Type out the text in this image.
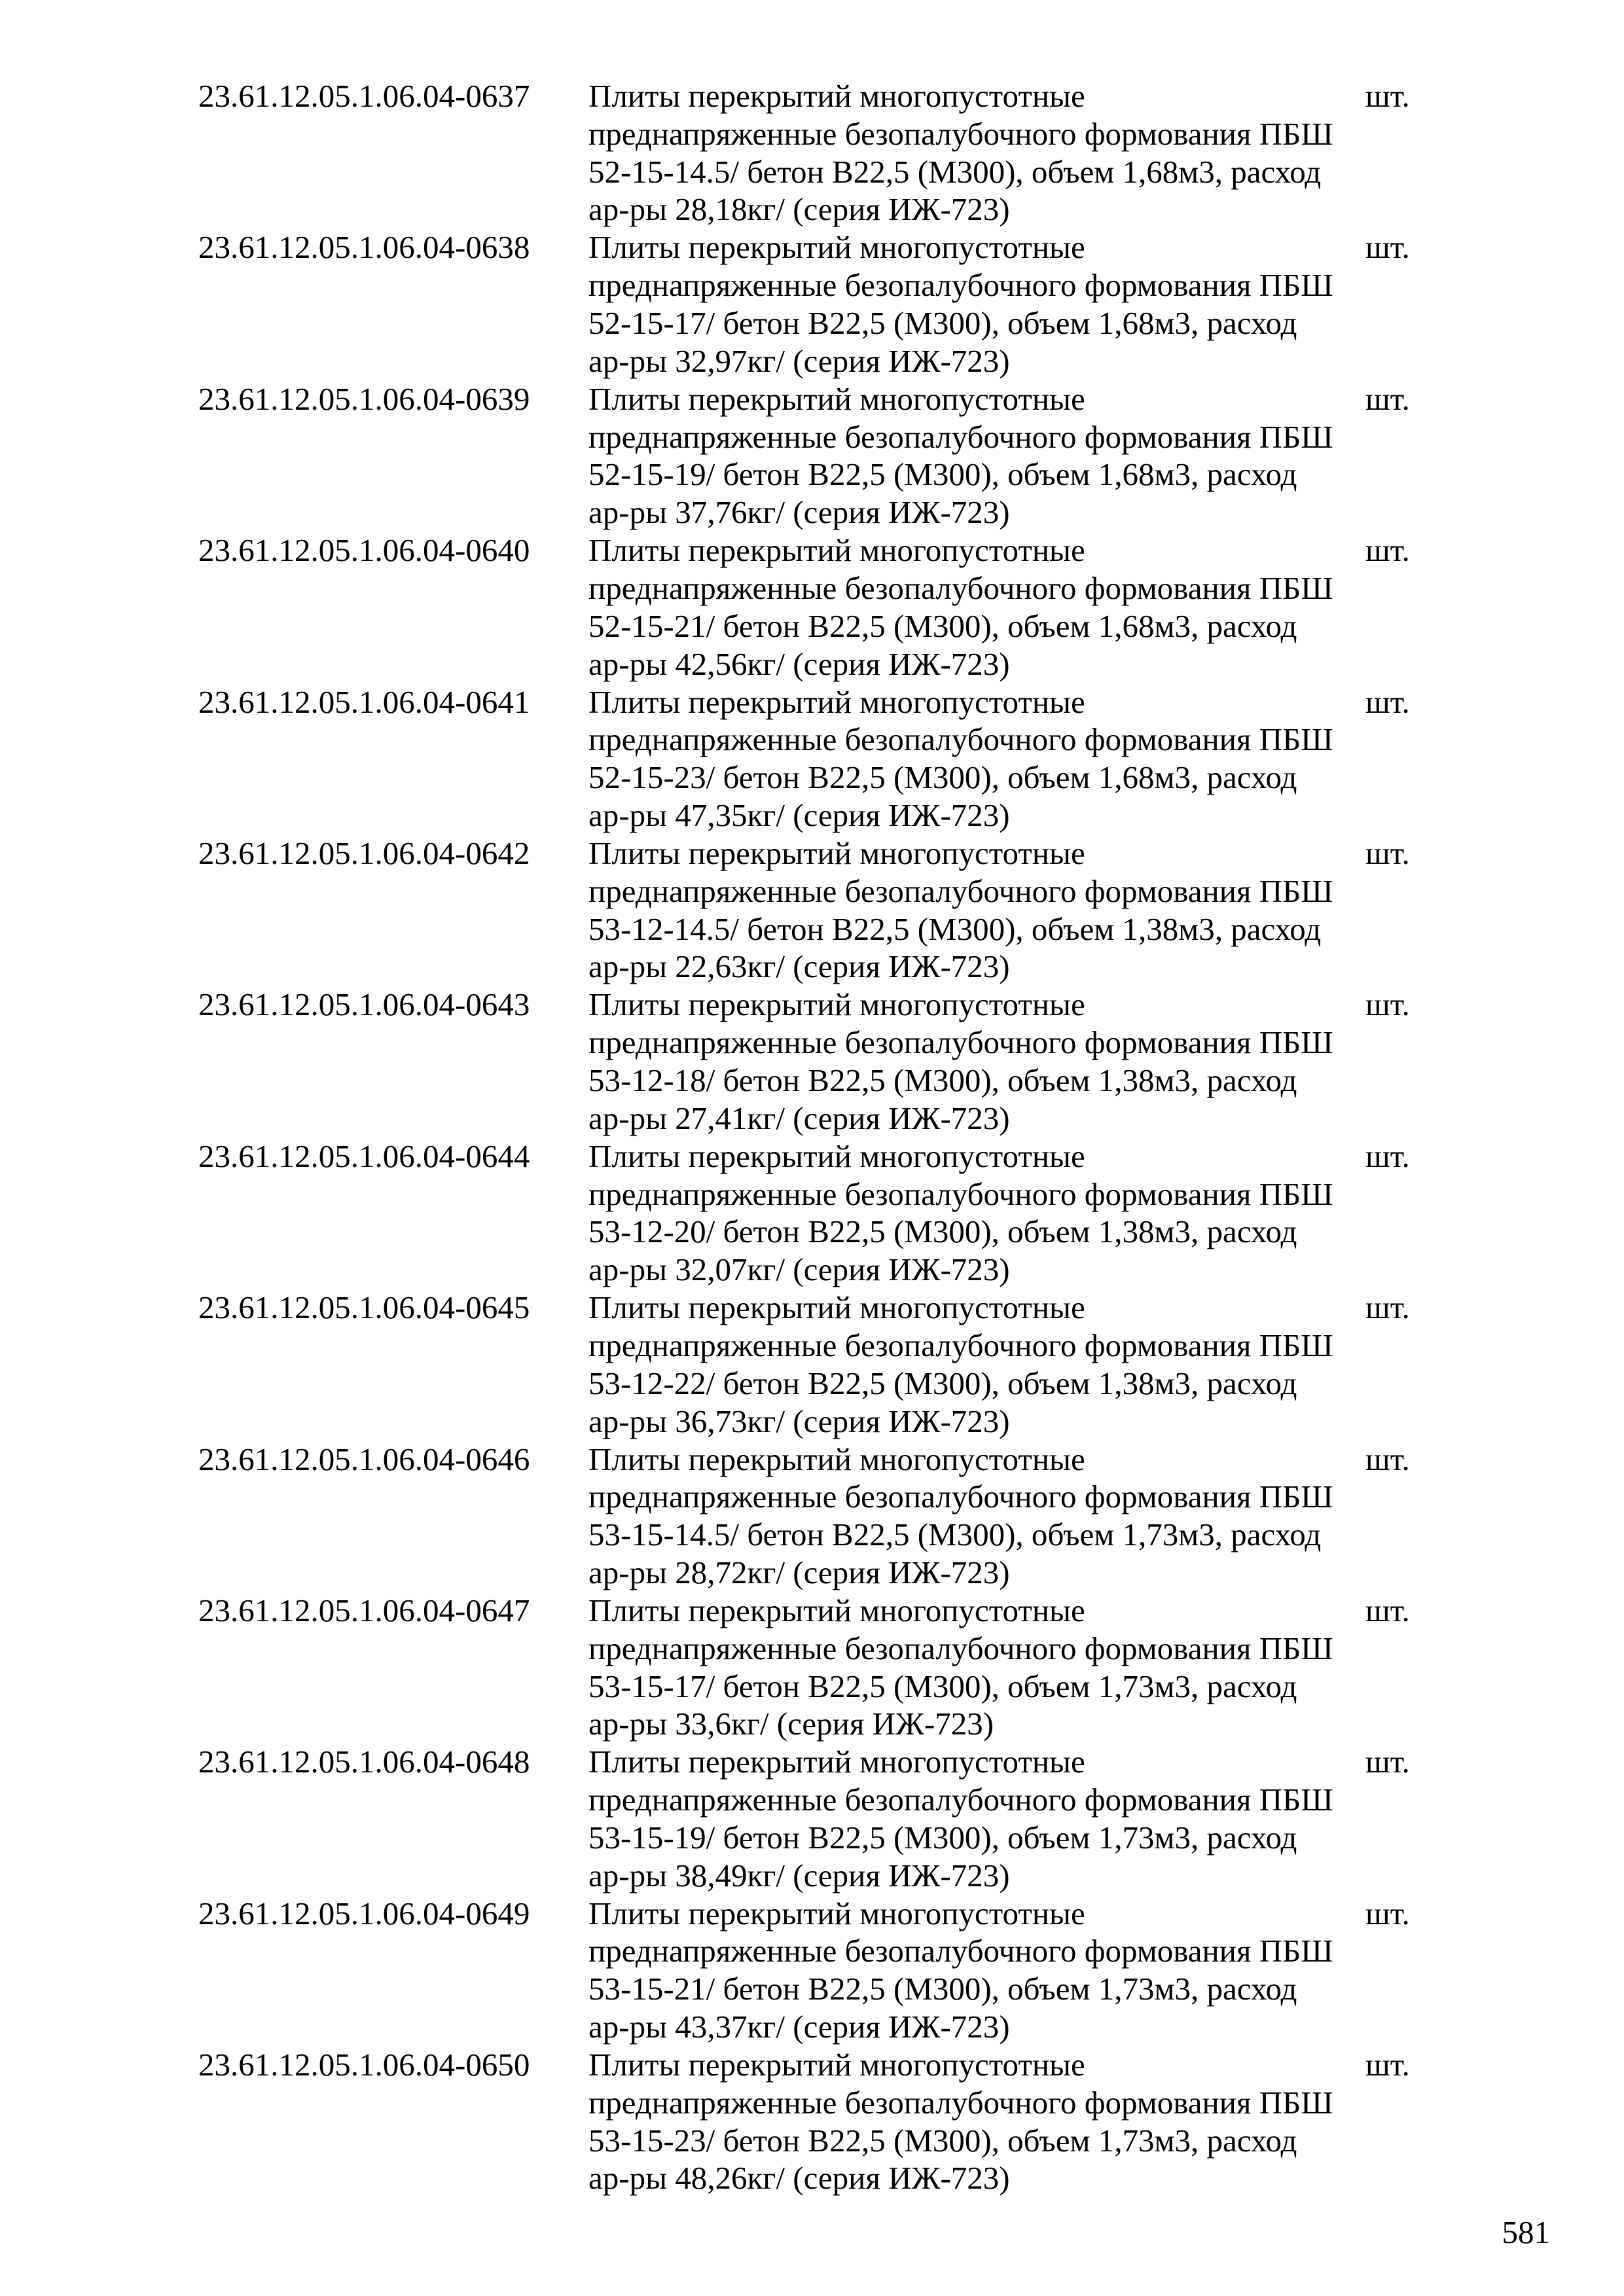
23.61.12.05.1.06.04-0637 Плиты перекрытий многопустотные
преднапряженные безопалубочного формования ПБШ
52-15-14.5/ бетон В22,5 (М300), объем 1,68м3, расход
ар-ры 28,18кг/ (серия ИЖ-723)
шт.
23.61.12.05.1.06.04-0638 Плиты перекрытий многопустотные
преднапряженные безопалубочного формования ПБШ
52-15-17/ бетон В22,5 (М300), объем 1,68м3, расход
ар-ры 32,97кг/ (серия ИЖ-723)
шт.
23.61.12.05.1.06.04-0639 Плиты перекрытий многопустотные
преднапряженные безопалубочного формования ПБШ
52-15-19/ бетон В22,5 (М300), объем 1,68м3, расход
ар-ры 37,76кг/ (серия ИЖ-723)
шт.
23.61.12.05.1.06.04-0640 Плиты перекрытий многопустотные
преднапряженные безопалубочного формования ПБШ
52-15-21/ бетон В22,5 (М300), объем 1,68м3, расход
ар-ры 42,56кг/ (серия ИЖ-723)
шт.
23.61.12.05.1.06.04-0641 Плиты перекрытий многопустотные
преднапряженные безопалубочного формования ПБШ
52-15-23/ бетон В22,5 (М300), объем 1,68м3, расход
ар-ры 47,35кг/ (серия ИЖ-723)
шт.
23.61.12.05.1.06.04-0642 Плиты перекрытий многопустотные
преднапряженные безопалубочного формования ПБШ
53-12-14.5/ бетон В22,5 (М300), объем 1,38м3, расход
ар-ры 22,63кг/ (серия ИЖ-723)
шт.
23.61.12.05.1.06.04-0643 Плиты перекрытий многопустотные
преднапряженные безопалубочного формования ПБШ
53-12-18/ бетон В22,5 (М300), объем 1,38м3, расход
ар-ры 27,41кг/ (серия ИЖ-723)
шт.
23.61.12.05.1.06.04-0644 Плиты перекрытий многопустотные
преднапряженные безопалубочного формования ПБШ
53-12-20/ бетон В22,5 (М300), объем 1,38м3, расход
ар-ры 32,07кг/ (серия ИЖ-723)
шт.
23.61.12.05.1.06.04-0645 Плиты перекрытий многопустотные
преднапряженные безопалубочного формования ПБШ
53-12-22/ бетон В22,5 (М300), объем 1,38м3, расход
ар-ры 36,73кг/ (серия ИЖ-723)
шт.
23.61.12.05.1.06.04-0646 Плиты перекрытий многопустотные
преднапряженные безопалубочного формования ПБШ
53-15-14.5/ бетон В22,5 (М300), объем 1,73м3, расход
ар-ры 28,72кг/ (серия ИЖ-723)
шт.
23.61.12.05.1.06.04-0647 Плиты перекрытий многопустотные
преднапряженные безопалубочного формования ПБШ
53-15-17/ бетон В22,5 (М300), объем 1,73м3, расход
ар-ры 33,6кг/ (серия ИЖ-723)
шт.
23.61.12.05.1.06.04-0648 Плиты перекрытий многопустотные
преднапряженные безопалубочного формования ПБШ
53-15-19/ бетон В22,5 (М300), объем 1,73м3, расход
ар-ры 38,49кг/ (серия ИЖ-723)
шт.
23.61.12.05.1.06.04-0649 Плиты перекрытий многопустотные
преднапряженные безопалубочного формования ПБШ
53-15-21/ бетон В22,5 (М300), объем 1,73м3, расход
ар-ры 43,37кг/ (серия ИЖ-723)
шт.
23.61.12.05.1.06.04-0650 Плиты перекрытий многопустотные
преднапряженные безопалубочного формования ПБШ
53-15-23/ бетон В22,5 (М300), объем 1,73м3, расход
ар-ры 48,26кг/ (серия ИЖ-723)
шт.
581
